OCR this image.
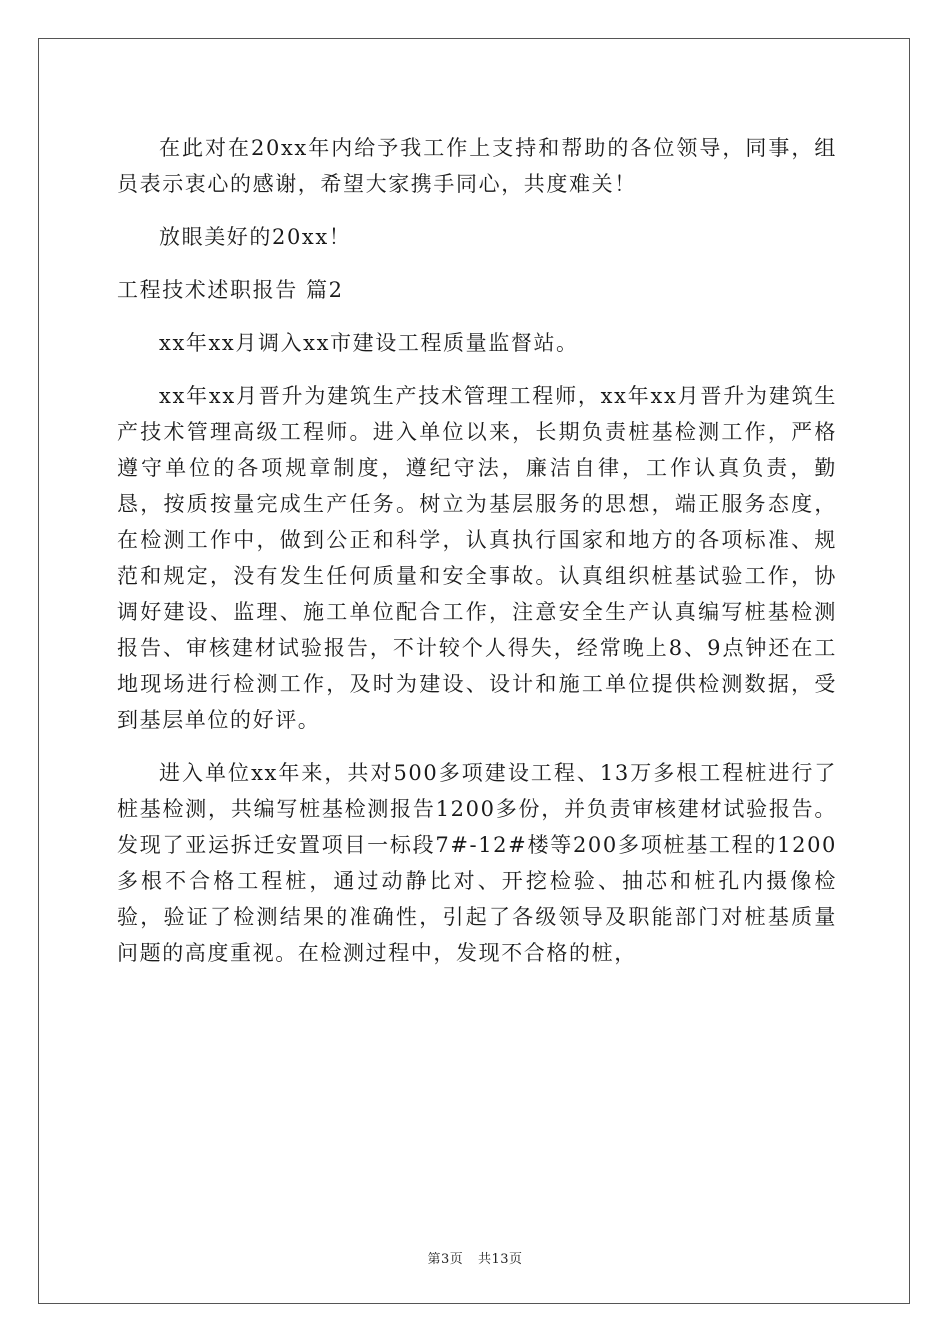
在此对在20xx年内给予我工作上支持和帮助的各位领导，同事，组员表示衷心的感谢，希望大家携手同心，共度难关！

放眼美好的20xx！

工程技术述职报告 篇2

xx年xx月调入xx市建设工程质量监督站。

xx年xx月晋升为建筑生产技术管理工程师，xx年xx月晋升为建筑生产技术管理高级工程师。进入单位以来，长期负责桩基检测工作，严格遵守单位的各项规章制度，遵纪守法，廉洁自律，工作认真负责，勤恳，按质按量完成生产任务。树立为基层服务的思想，端正服务态度，在检测工作中，做到公正和科学，认真执行国家和地方的各项标准、规范和规定，没有发生任何质量和安全事故。认真组织桩基试验工作，协调好建设、监理、施工单位配合工作，注意安全生产认真编写桩基检测报告、审核建材试验报告，不计较个人得失，经常晚上8、9点钟还在工地现场进行检测工作，及时为建设、设计和施工单位提供检测数据，受到基层单位的好评。

进入单位xx年来，共对500多项建设工程、13万多根工程桩进行了桩基检测，共编写桩基检测报告1200多份，并负责审核建材试验报告。发现了亚运拆迁安置项目一标段7#-12#楼等200多项桩基工程的1200多根不合格工程桩，通过动静比对、开挖检验、抽芯和桩孔内摄像检验，验证了检测结果的准确性，引起了各级领导及职能部门对桩基质量问题的高度重视。在检测过程中，发现不合格的桩，

第3页 共13页
